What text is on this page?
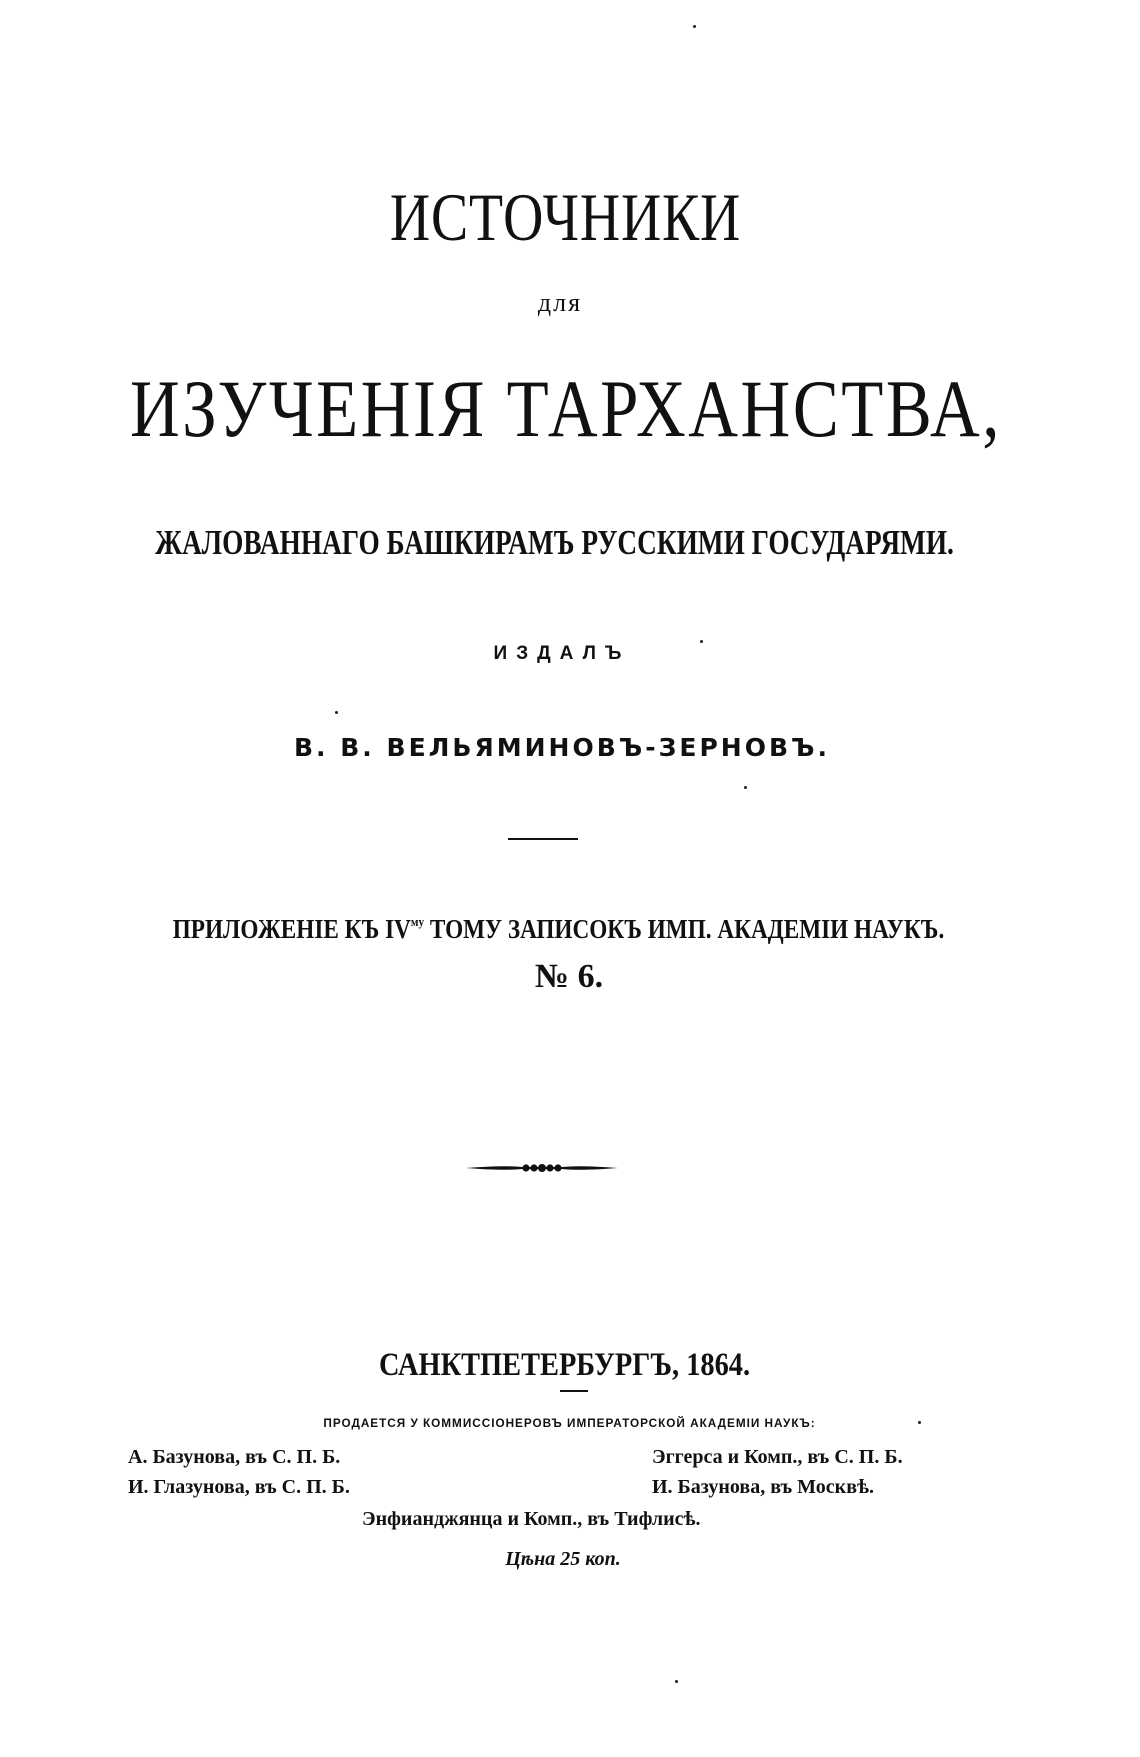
ИСТОЧНИКИ
для
ИЗУЧЕНІЯ ТАРХАНСТВА,
ЖАЛОВАННАГО БАШКИРАМЪ РУССКИМИ ГОСУДАРЯМИ.
ИЗДАЛЪ
В. В. ВЕЛЬЯМИНОВЪ-ЗЕРНОВЪ.
ПРИЛОЖЕНІЕ КЪ $IV^{му}$ ТОМУ ЗАПИСОКЪ ИМП. АКАДЕМІИ НАУКЪ.
№ 6.
САНКТПЕТЕРБУРГЪ, 1864.
ПРОДАЕТСЯ У КОММИССІОНЕРОВЪ ИМПЕРАТОРСКОЙ АКАДЕМІИ НАУКЪ:
А. Базунова, въ С. П. Б.	Эггерса и Комп., въ С. П. Б.
И. Глазунова, въ С. П. Б.	И. Базунова, въ Москвѣ.
Энфианджянца и Комп., въ Тифлисѣ.
Цѣна 25 коп.
